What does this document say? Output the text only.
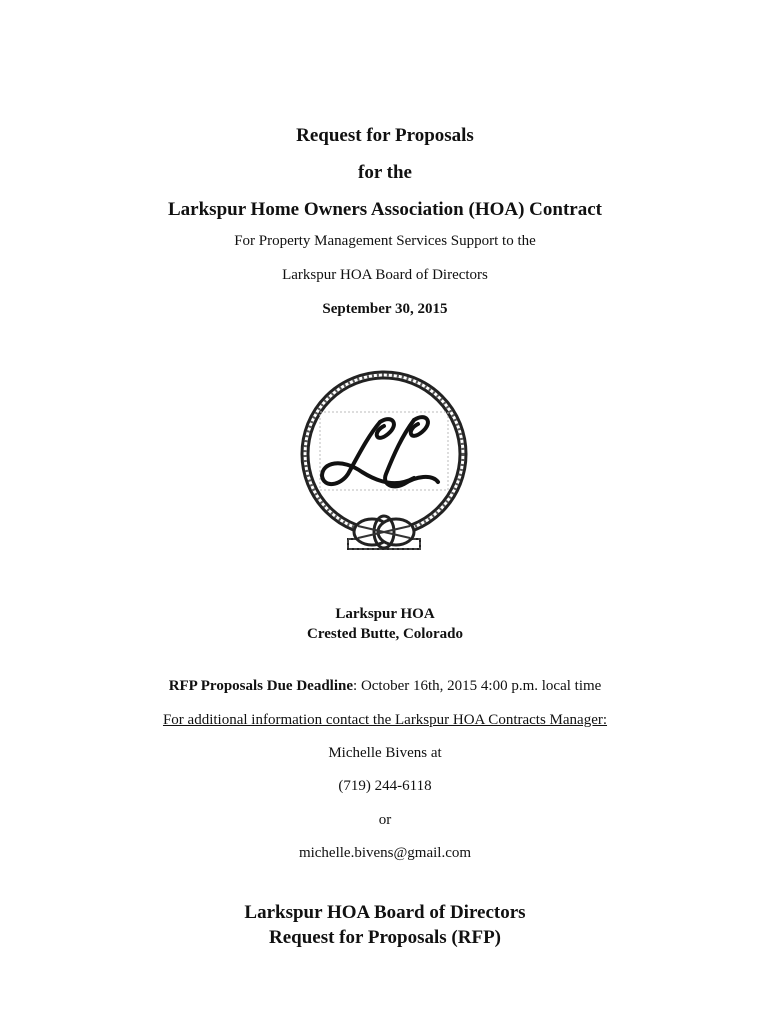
Request for Proposals
for the
Larkspur Home Owners Association (HOA) Contract
For Property Management Services Support to the
Larkspur HOA Board of Directors
September 30, 2015
Larkspur HOA
Crested Butte, Colorado
RFP Proposals Due Deadline: October 16th, 2015 4:00 p.m. local time
For additional information contact the Larkspur HOA Contracts Manager:
Michelle Bivens at
(719) 244-6118
or
michelle.bivens@gmail.com
Larkspur HOA Board of Directors
Request for Proposals (RFP)
